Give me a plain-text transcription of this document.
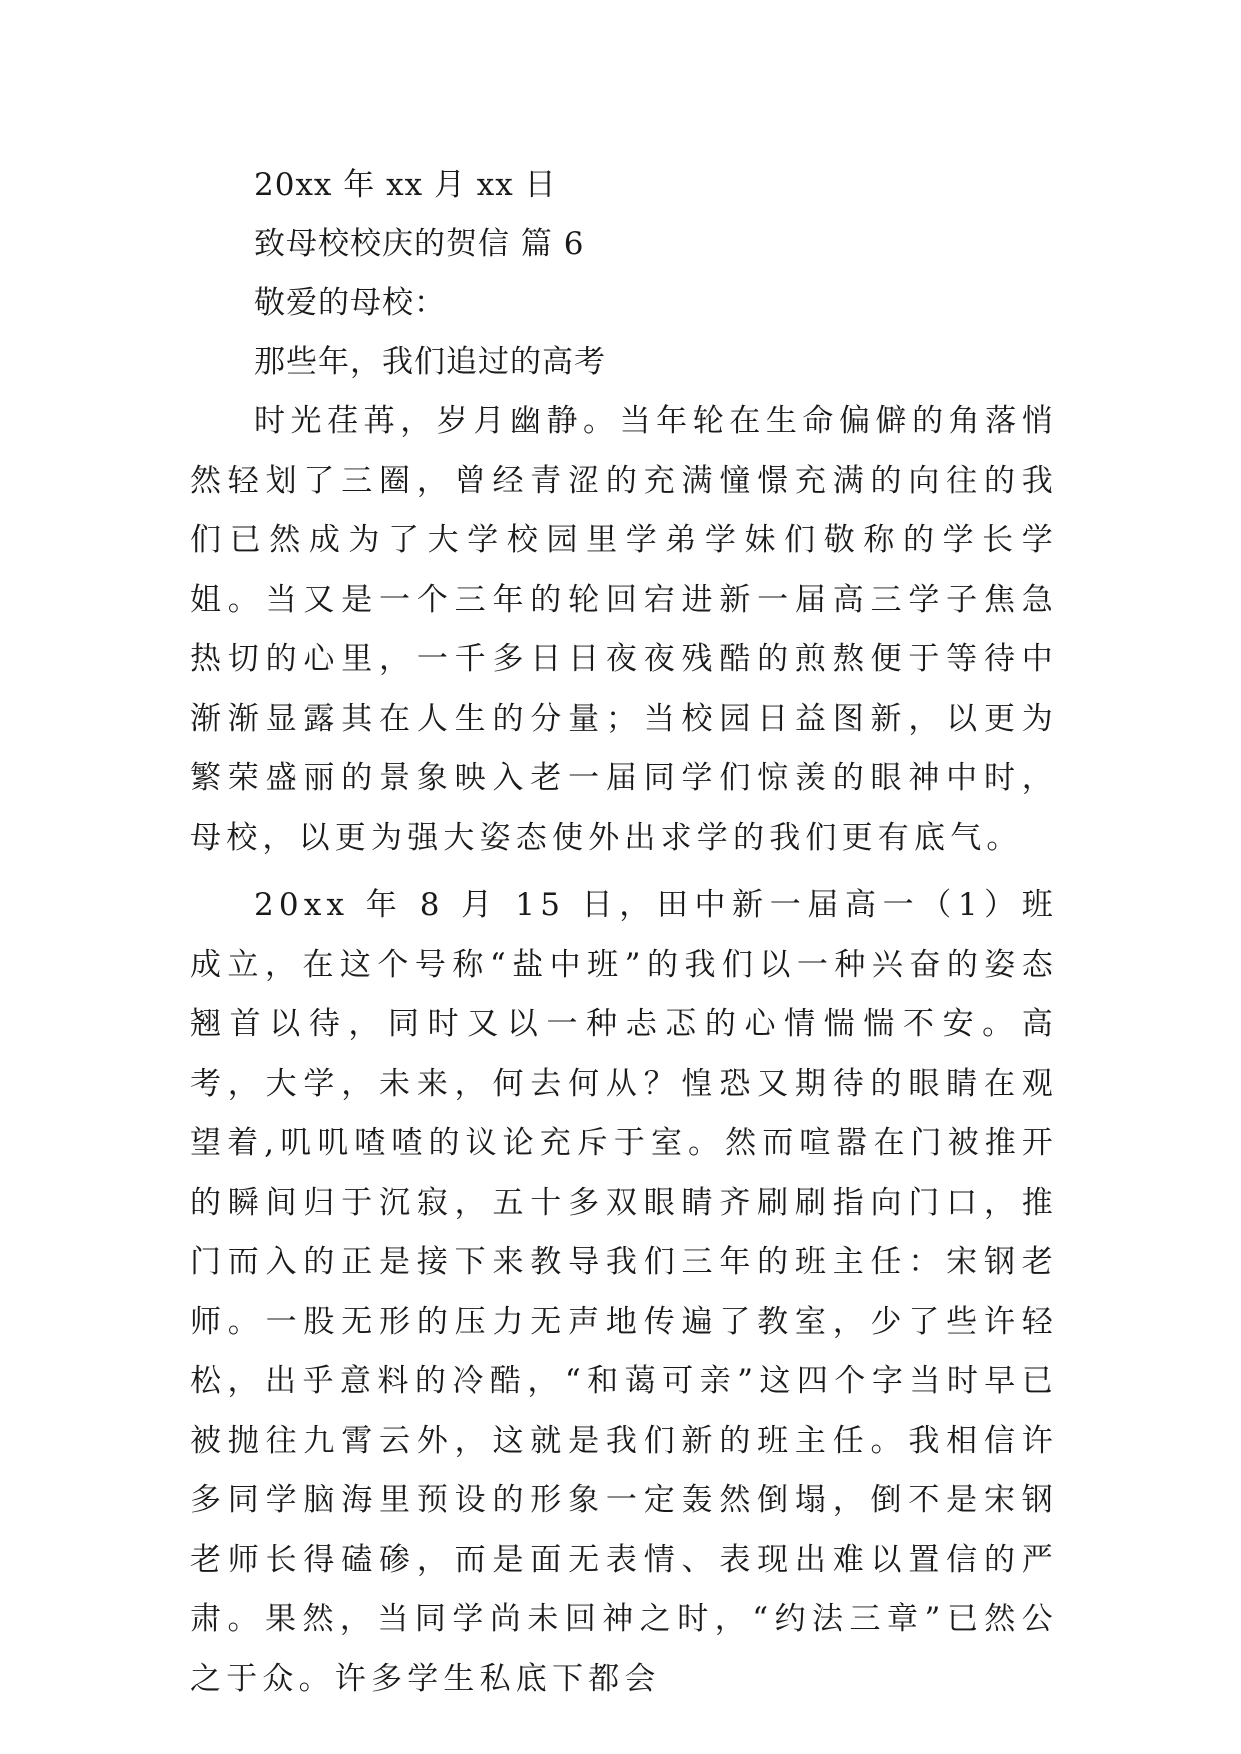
20xx 年 xx 月 xx 日

致母校校庆的贺信 篇 6

敬爱的母校：

那些年，我们追过的高考

时光荏苒，岁月幽静。当年轮在生命偏僻的角落悄然轻划了三圈，曾经青涩的充满憧憬充满的向往的我们已然成为了大学校园里学弟学妹们敬称的学长学姐。当又是一个三年的轮回宕进新一届高三学子焦急热切的心里，一千多日日夜夜残酷的煎熬便于等待中渐渐显露其在人生的分量；当校园日益图新，以更为繁荣盛丽的景象映入老一届同学们惊羡的眼神中时，母校，以更为强大姿态使外出求学的我们更有底气。

20xx 年 8 月 15 日，田中新一届高一（1）班成立，在这个号称“盐中班”的我们以一种兴奋的姿态翘首以待，同时又以一种忐忑的心情惴惴不安。高考，大学，未来，何去何从？惶恐又期待的眼睛在观望着,叽叽喳喳的议论充斥于室。然而喧嚣在门被推开的瞬间归于沉寂，五十多双眼睛齐刷刷指向门口，推门而入的正是接下来教导我们三年的班主任：宋钢老师。一股无形的压力无声地传遍了教室，少了些许轻松，出乎意料的冷酷，“和蔼可亲”这四个字当时早已被抛往九霄云外，这就是我们新的班主任。我相信许多同学脑海里预设的形象一定轰然倒塌，倒不是宋钢老师长得磕碜，而是面无表情、表现出难以置信的严肃。果然，当同学尚未回神之时，“约法三章”已然公之于众。许多学生私底下都会
